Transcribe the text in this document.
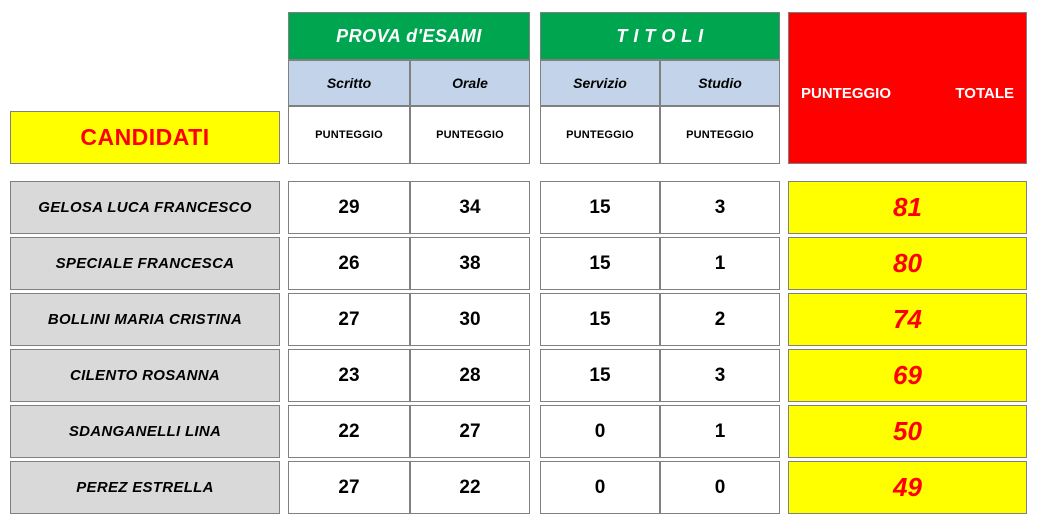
PROVA d'ESAMI	T I T O L I
PUNTEGGIO	TOTALE
Scritto	Orale	Servizio	Studio
PUNTEGGIO	PUNTEGGIO	PUNTEGGIO	PUNTEGGIO
CANDIDATI
GELOSA LUCA FRANCESCO	29	34	15	3	81
SPECIALE FRANCESCA	26	38	15	1	80
BOLLINI MARIA CRISTINA	27	30	15	2	74
CILENTO ROSANNA	23	28	15	3	69
SDANGANELLI LINA	22	27	0	1	50
PEREZ ESTRELLA	27	22	0	0	49
